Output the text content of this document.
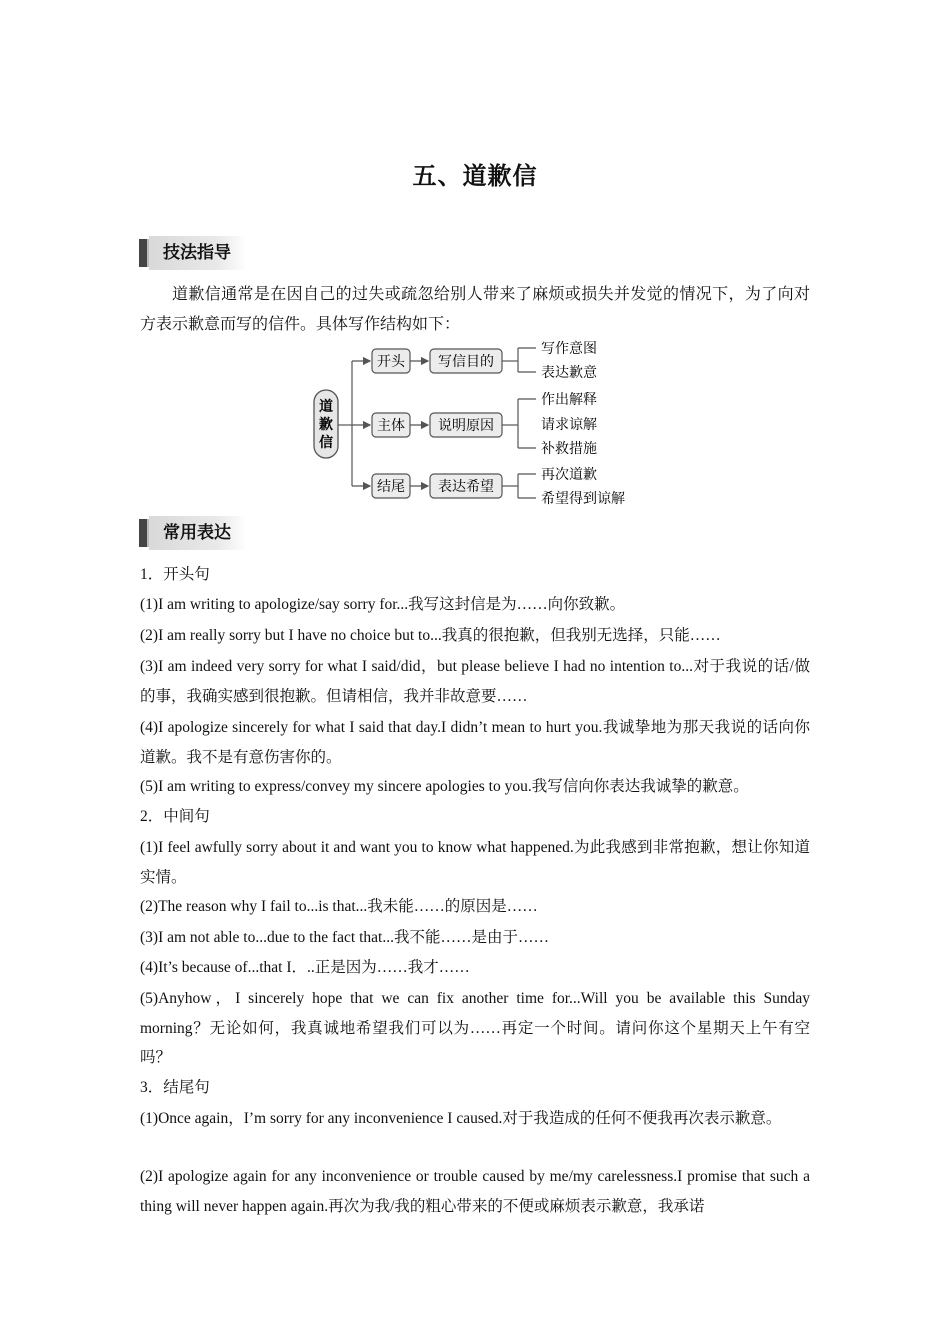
五、道歉信
技法指导
道歉信通常是在因自己的过失或疏忽给别人带来了麻烦或损失并发觉的情况下，为了向对方表示歉意而写的信件。具体写作结构如下：
道
歉
信
开头 写信目的
写作意图
表达歉意
主体 说明原因
作出解释
请求谅解
补救措施
结尾 表达希望
再次道歉
希望得到谅解
常用表达
1．开头句
(1)I am writing to apologize/say sorry for...我写这封信是为……向你致歉。
(2)I am really sorry but I have no choice but to...我真的很抱歉，但我别无选择，只能……
(3)I am indeed very sorry for what I said/did，but please believe I had no intention to...对于我说的话/做的事，我确实感到很抱歉。但请相信，我并非故意要……
(4)I apologize sincerely for what I said that day.I didn’t mean to hurt you.我诚挚地为那天我说的话向你道歉。我不是有意伤害你的。
(5)I am writing to express/convey my sincere apologies to you.我写信向你表达我诚挚的歉意。
2．中间句
(1)I feel awfully sorry about it and want you to know what happened.为此我感到非常抱歉，想让你知道实情。
(2)The reason why I fail to...is that...我未能……的原因是……
(3)I am not able to...due to the fact that...我不能……是由于……
(4)It’s because of...that I．..正是因为……我才……
(5)Anyhow，I sincerely hope that we can fix another time for...Will you be available this Sunday morning？无论如何，我真诚地希望我们可以为……再定一个时间。请问你这个星期天上午有空吗？
3．结尾句
(1)Once again，I’m sorry for any inconvenience I caused.对于我造成的任何不便我再次表示歉意。
(2)I apologize again for any inconvenience or trouble caused by me/my carelessness.I promise that such a thing will never happen again.再次为我/我的粗心带来的不便或麻烦表示歉意，我承诺
